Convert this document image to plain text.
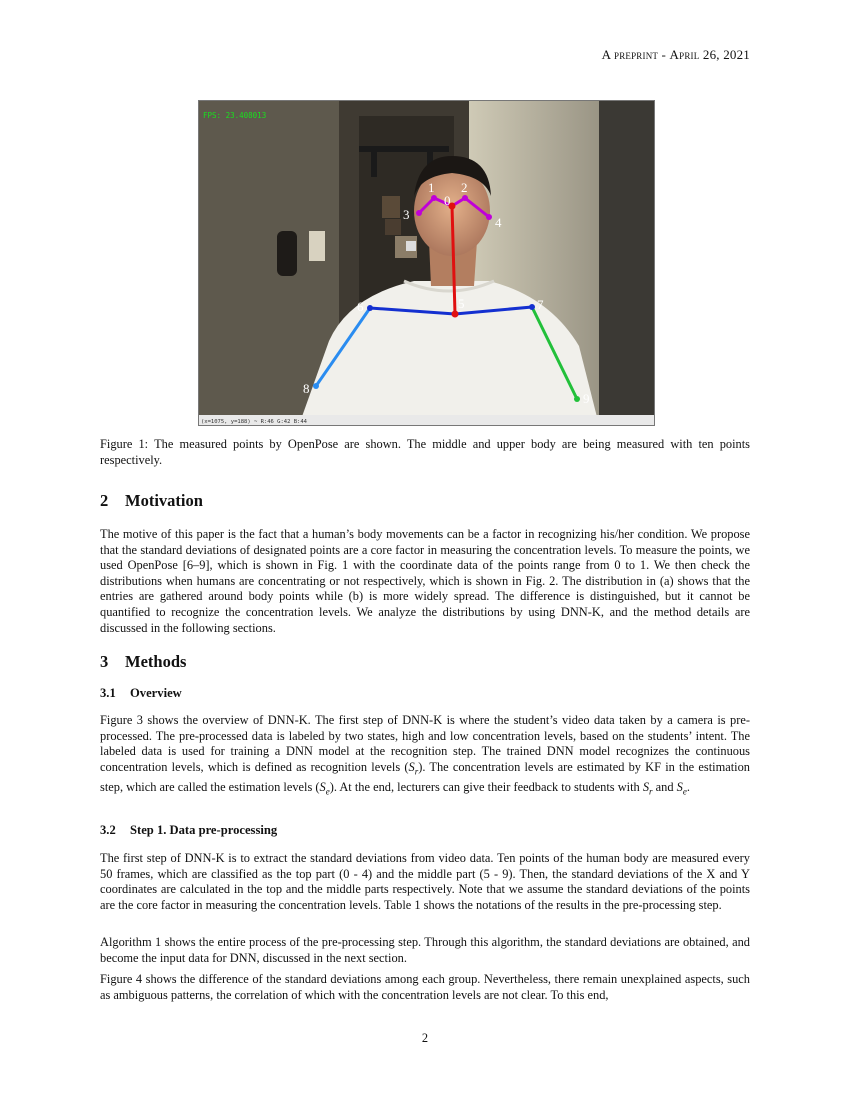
A preprint - April 26, 2021
FPS: 23.408013
0
1 2
3
4
5
6	7
8
9
(x=1075, y=188) ~ R:46 G:42 B:44
Figure 1: The measured points by OpenPose are shown. The middle and upper body are being measured with ten points respectively.
2 Motivation

The motive of this paper is the fact that a human’s body movements can be a factor in recognizing his/her condition. We propose that the standard deviations of designated points are a core factor in measuring the concentration levels. To measure the points, we used OpenPose [6–9], which is shown in Fig. 1 with the coordinate data of the points range from 0 to 1. We then check the distributions when humans are concentrating or not respectively, which is shown in Fig. 2. The distribution in (a) shows that the entries are gathered around body points while (b) is more widely spread. The difference is distinguished, but it cannot be quantified to recognize the concentration levels. We analyze the distributions by using DNN-K, and the method details are discussed in the following sections.

3 Methods
3.1 Overview

Figure 3 shows the overview of DNN-K. The first step of DNN-K is where the student’s video data taken by a camera is pre-processed. The pre-processed data is labeled by two states, high and low concentration levels, based on the students’ intent. The labeled data is used for training a DNN model at the recognition step. The trained DNN model recognizes the continuous concentration levels, which is defined as recognition levels $(S_r)$. The concentration levels are estimated by KF in the estimation step, which are called the estimation levels $(S_e)$. At the end, lecturers can give their feedback to students with $S_r$ and $S_e$.

3.2 Step 1. Data pre-processing

The first step of DNN-K is to extract the standard deviations from video data. Ten points of the human body are measured every 50 frames, which are classified as the top part (0 - 4) and the middle part (5 - 9). Then, the standard deviations of the X and Y coordinates are calculated in the top and the middle parts respectively. Note that we assume the standard deviations of the points are the core factor in measuring the concentration levels. Table 1 shows the notations of the results in the pre-processing step.

Algorithm 1 shows the entire process of the pre-processing step. Through this algorithm, the standard deviations are obtained, and become the input data for DNN, discussed in the next section.

Figure 4 shows the difference of the standard deviations among each group. Nevertheless, there remain unexplained aspects, such as ambiguous patterns, the correlation of which with the concentration levels are not clear. To this end,

2
